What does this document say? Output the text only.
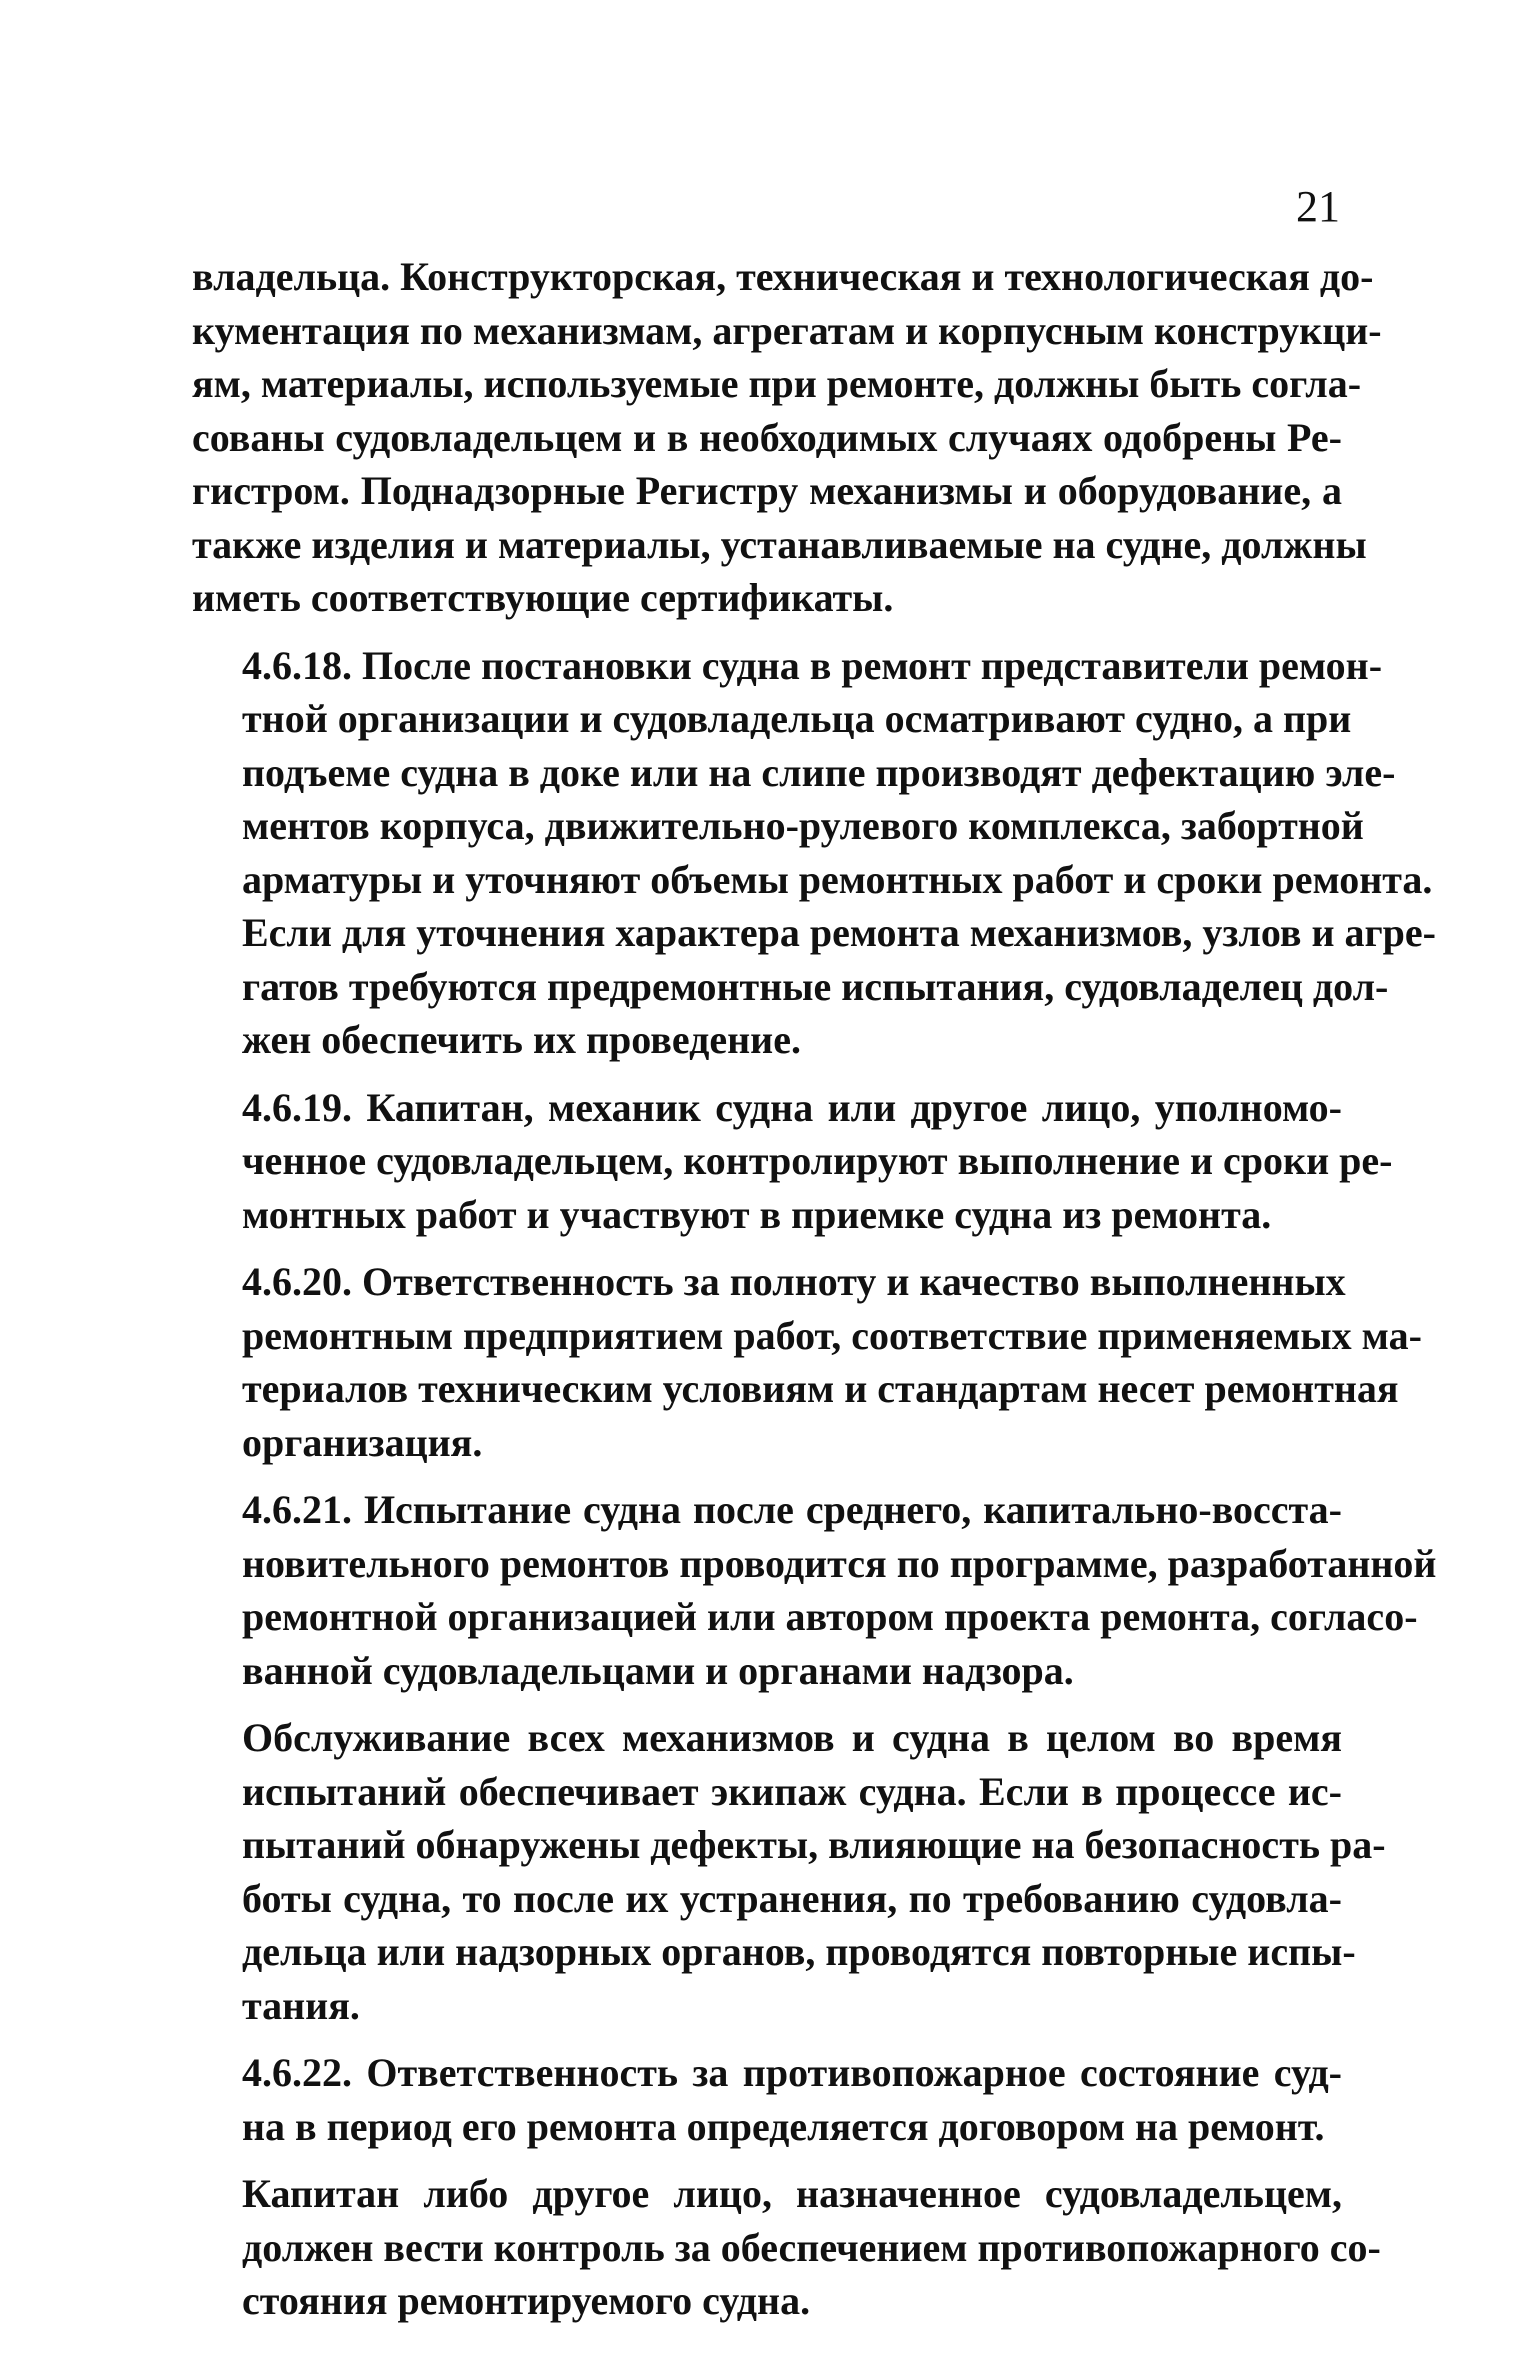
21
владельца. Конструкторская, техническая и технологическая до-
кументация по механизмам, агрегатам и корпусным конструкци-
ям, материалы, используемые при ремонте, должны быть согла-
сованы судовладельцем и в необходимых случаях одобрены Ре-
гистром. Поднадзорные Регистру механизмы и оборудование, а
также изделия и материалы, устанавливаемые на судне, должны
иметь соответствующие сертификаты.
4.6.18. После постановки судна в ремонт представители ремон-
тной организации и судовладельца осматривают судно, а при
подъеме судна в доке или на слипе производят дефектацию эле-
ментов корпуса, движительно-рулевого комплекса, забортной
арматуры и уточняют объемы ремонтных работ и сроки ремонта.
Если для уточнения характера ремонта механизмов, узлов и агре-
гатов требуются предремонтные испытания, судовладелец дол-
жен обеспечить их проведение.
4.6.19. Капитан, механик судна или другое лицо, уполномо-
ченное судовладельцем, контролируют выполнение и сроки ре-
монтных работ и участвуют в приемке судна из ремонта.
4.6.20. Ответственность за полноту и качество выполненных
ремонтным предприятием работ, соответствие применяемых ма-
териалов техническим условиям и стандартам несет ремонтная
организация.
4.6.21. Испытание судна после среднего, капитально-восста-
новительного ремонтов проводится по программе, разработанной
ремонтной организацией или автором проекта ремонта, согласо-
ванной судовладельцами и органами надзора.
Обслуживание всех механизмов и судна в целом во время
испытаний обеспечивает экипаж судна. Если в процессе ис-
пытаний обнаружены дефекты, влияющие на безопасность ра-
боты судна, то после их устранения, по требованию судовла-
дельца или надзорных органов, проводятся повторные испы-
тания.
4.6.22. Ответственность за противопожарное состояние суд-
на в период его ремонта определяется договором на ремонт.
Капитан либо другое лицо, назначенное судовладельцем,
должен вести контроль за обеспечением противопожарного со-
стояния ремонтируемого судна.
